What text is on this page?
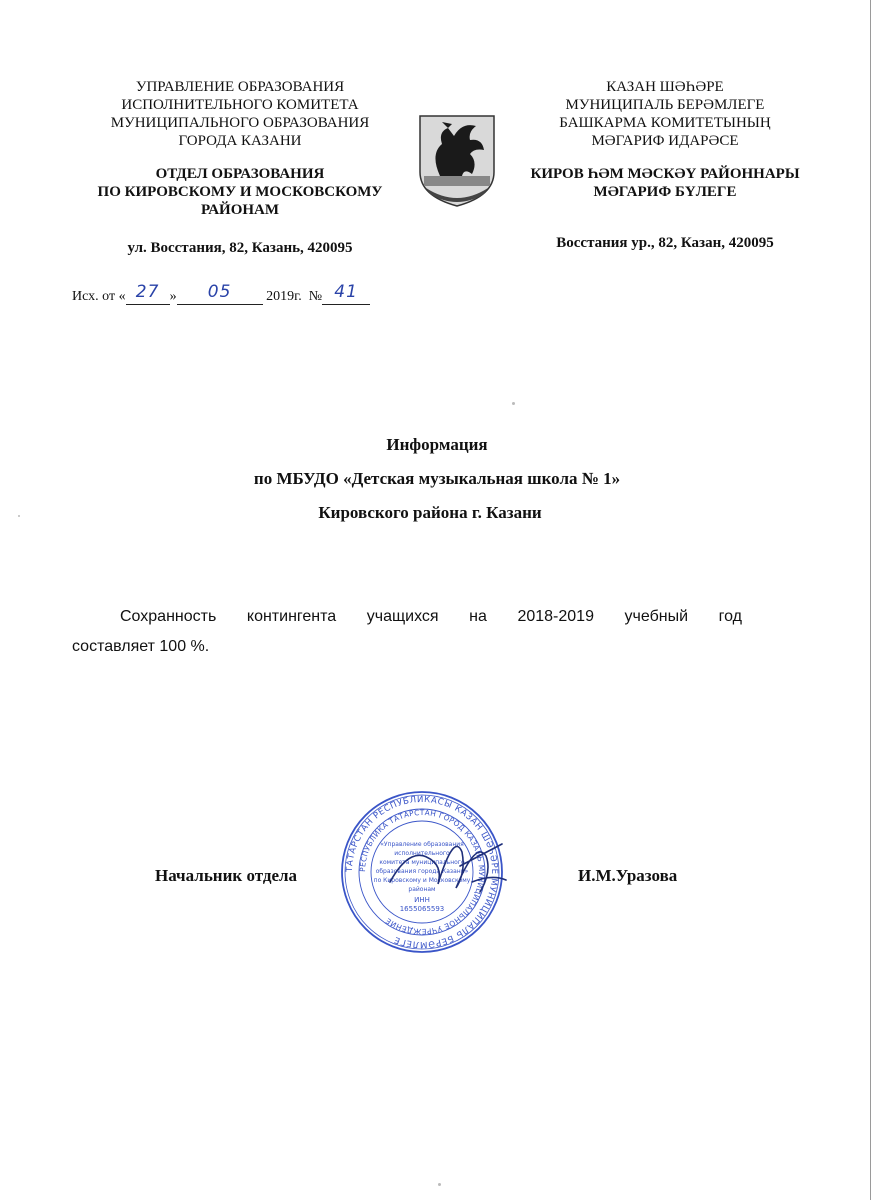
УПРАВЛЕНИЕ ОБРАЗОВАНИЯ
ИСПОЛНИТЕЛЬНОГО КОМИТЕТА
МУНИЦИПАЛЬНОГО ОБРАЗОВАНИЯ
ГОРОДА КАЗАНИ
ОТДЕЛ ОБРАЗОВАНИЯ
ПО КИРОВСКОМУ И МОСКОВСКОМУ
РАЙОНАМ
ул. Восстания, 82, Казань, 420095
КАЗАН ШӘҺӘРЕ
МУНИЦИПАЛЬ БЕРӘМЛЕГЕ
БАШКАРМА КОМИТЕТЫНЫҢ
МӘГАРИФ ИДАРӘСЕ
КИРОВ ҺӘМ МӘСКӘҮ РАЙОННАРЫ
МӘГАРИФ БҮЛЕГЕ
Восстания ур., 82, Казан, 420095
Исх. от « 27 » 05 2019г. № 41
Информация
по МБУДО «Детская музыкальная школа № 1»
Кировского района г. Казани
Сохранность контингента учащихся на 2018-2019 учебный год
составляет 100 %.
Начальник отдела	И.М.Уразова
ТАТАРСТАН РЕСПУБЛИКАСЫ КАЗАН ШӘҺӘРЕ МУНИЦИПАЛЬ БЕРӘМЛЕГЕ
РЕСПУБЛИКА ТАТАРСТАН ГОРОД КАЗАНЬ МУНИЦИПАЛЬНОЕ УЧРЕЖДЕНИЕ
«Управление образования
исполнительного
комитета муниципального
образования города Казани»
по Кировскому и Московскому
районам
ИНН
1655065593
